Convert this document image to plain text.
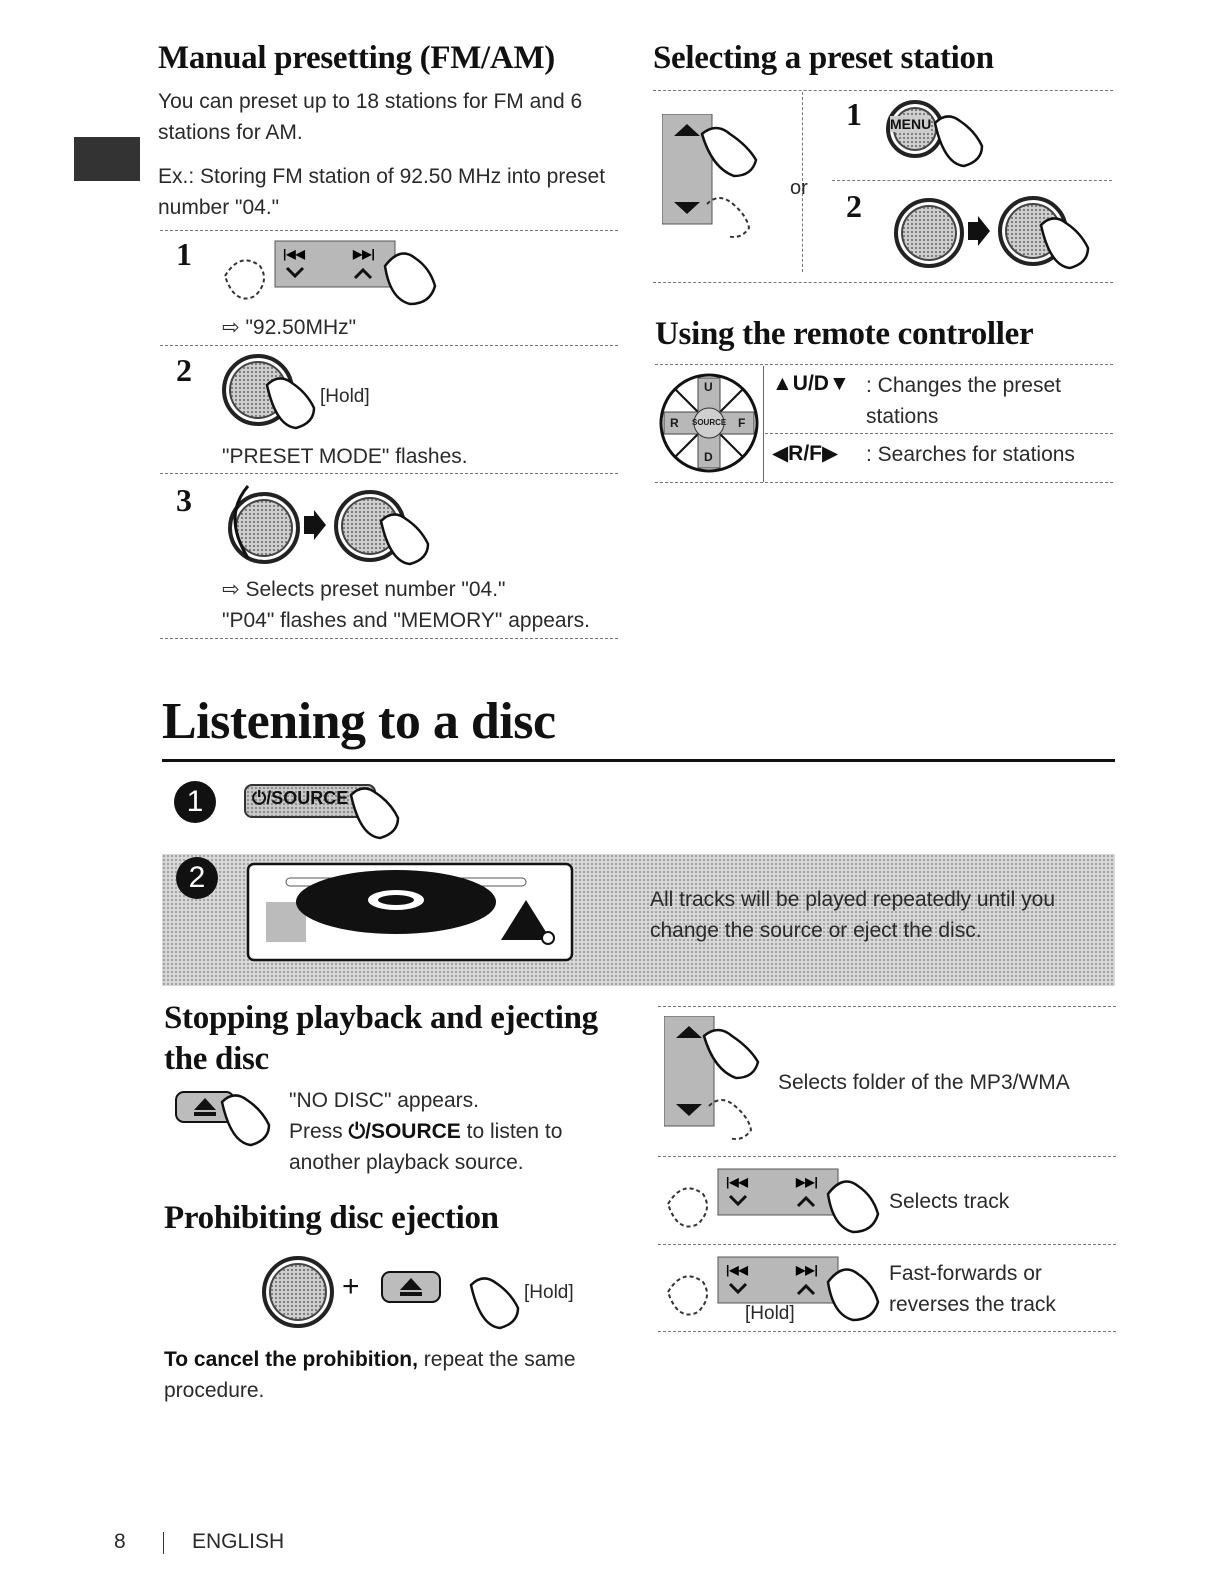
Manual presetting (FM/AM)
You can preset up to 18 stations for FM and 6 stations for AM.
Ex.: Storing FM station of 92.50 MHz into preset number "04."
1	|◀◀	▶▶|
⇨ "92.50MHz"
2
[Hold]
"PRESET MODE" flashes.
3
⇨ Selects preset number "04."
"P04" flashes and "MEMORY" appears.
Selecting a preset station
or
1 MENU
2
Using the remote controller
U
D
R	F
SOURCE
▲U/D▼ : Changes the preset stations
◀R/F▶ : Searches for stations
Listening to a disc
1	⏻/SOURCE
2
All tracks will be played repeatedly until you change the source or eject the disc.
Stopping playback and ejecting
the disc
"NO DISC" appears.
Press ⏻/SOURCE to listen to
another playback source.
Prohibiting disc ejection
+	[Hold]
To cancel the prohibition, repeat the same procedure.
Selects folder of the MP3/WMA
|◀◀	▶▶|
Selects track
|◀◀	▶▶|
[Hold]
Fast-forwards or
reverses the track
8	ENGLISH
